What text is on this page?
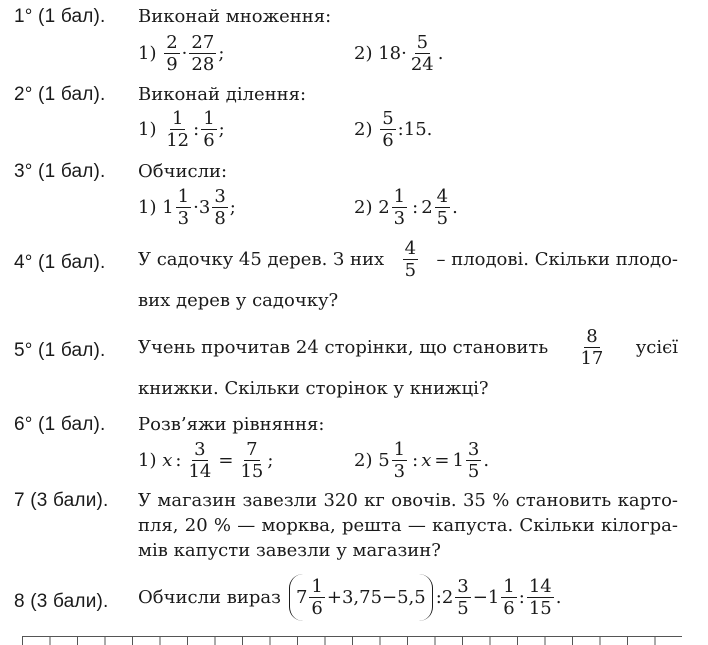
1° (1 бал). Виконай множення:
1)
$\frac{2}{9} \cdot \frac{27}{28}$ ;	2)
$18 \cdot \frac{5}{24}$ .
2° (1 бал). Виконай ділення:
1)
$\frac{1}{12}$ : $\frac{1}{6}$ ;	2)
$\frac{5}{6}$ : 15 .
3° (1 бал). Обчисли:
1)
$1 \frac{1}{3} \cdot 3 \frac{3}{8}$ ;	2)
$2 \frac{1}{3}$ : $2 \frac{4}{5}$ .
4° (1 бал). У садочку 45 дерев. З них $\frac{4}{5}$ – плодові. Скільки плодо-
вих дерев у садочку?
5° (1 бал). Учень прочитав 24 сторінки, що становить $\frac{8}{17}$ усієї
книжки. Скільки сторінок у книжці?
6° (1 бал). Розв’яжи рівняння:
1)
x : $\frac{3}{14} = \frac{7}{15}$ ;	2)
$5 \frac{1}{3}$ : $x = 1 \frac{3}{5}$ .
7 (3 бали). У магазин завезли 320 кг овочів. 35 % становить карто-
пля, 20 % — морква, решта — капуста. Скільки кілогра-
мів капусти завезли у магазин?
8 (3 бали). Обчисли вираз $7 \frac{1}{6} + 3,75 - 5,5$ : $2 \frac{3}{5} - 1 \frac{1}{6}$ : $\frac{14}{15}$ .
